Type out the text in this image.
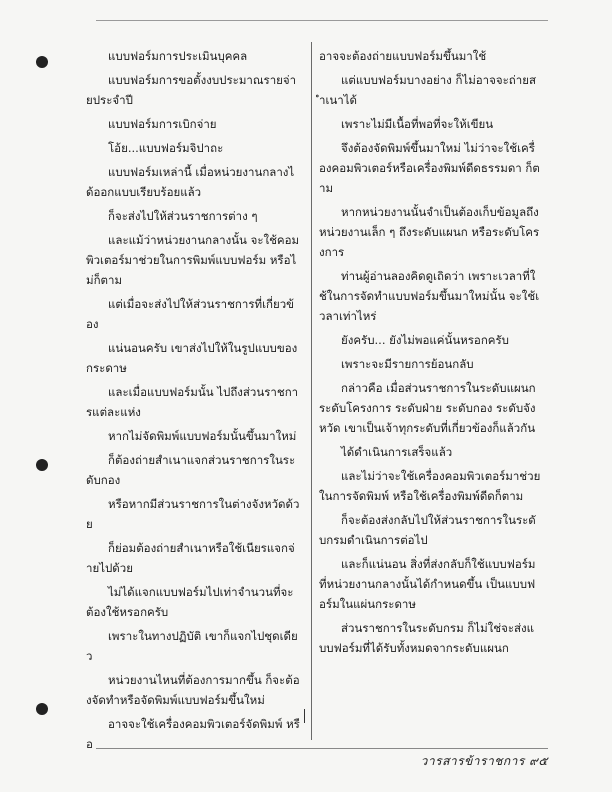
แบบฟอร์มการประเมินบุคคล

แบบฟอร์มการขอตั้งงบประมาณรายจ่ายประจำปี

แบบฟอร์มการเบิกจ่าย

โอ้ย...แบบฟอร์มจิปาถะ

แบบฟอร์มเหล่านี้ เมื่อหน่วยงานกลางได้ออกแบบเรียบร้อยแล้ว

ก็จะส่งไปให้ส่วนราชการต่าง ๆ

และแม้ว่าหน่วยงานกลางนั้น จะใช้คอมพิวเตอร์มาช่วยในการพิมพ์แบบฟอร์ม หรือไม่ก็ตาม

แต่เมื่อจะส่งไปให้ส่วนราชการที่เกี่ยวข้อง

แน่นอนครับ เขาส่งไปให้ในรูปแบบของกระดาษ

และเมื่อแบบฟอร์มนั้น ไปถึงส่วนราชการแต่ละแห่ง

หากไม่จัดพิมพ์แบบฟอร์มนั้นขึ้นมาใหม่

ก็ต้องถ่ายสำเนาแจกส่วนราชการในระดับกอง

หรือหากมีส่วนราชการในต่างจังหวัดด้วย

ก็ย่อมต้องถ่ายสำเนาหรือใช้เนียรแจกจ่ายไปด้วย

ไม่ได้แจกแบบฟอร์มไปเท่าจำนวนที่จะต้องใช้หรอกครับ

เพราะในทางปฏิบัติ เขาก็แจกไปชุดเดียว

หน่วยงานไหนที่ต้องการมากขึ้น ก็จะต้องจัดทำหรือจัดพิมพ์แบบฟอร์มขึ้นใหม่

อาจจะใช้เครื่องคอมพิวเตอร์จัดพิมพ์ หรือ

อาจจะต้องถ่ายแบบฟอร์มขึ้นมาใช้

แต่แบบฟอร์มบางอย่าง ก็ไม่อาจจะถ่ายสำเนาได้

เพราะไม่มีเนื้อที่พอที่จะให้เขียน

จึงต้องจัดพิมพ์ขึ้นมาใหม่ ไม่ว่าจะใช้เครื่องคอมพิวเตอร์หรือเครื่องพิมพ์ดีดธรรมดา ก็ตาม

หากหน่วยงานนั้นจำเป็นต้องเก็บข้อมูลถึงหน่วยงานเล็ก ๆ ถึงระดับแผนก หรือระดับโครงการ

ท่านผู้อ่านลองคิดดูเถิดว่า เพราะเวลาที่ใช้ในการจัดทำแบบฟอร์มขึ้นมาใหม่นั้น จะใช้เวลาเท่าไหร่

ยังครับ... ยังไม่พอแค่นั้นหรอกครับ

เพราะจะมีรายการย้อนกลับ

กล่าวคือ เมื่อส่วนราชการในระดับแผนก ระดับโครงการ ระดับฝ่าย ระดับกอง ระดับจังหวัด เขาเป็นเจ้าทุกระดับที่เกี่ยวข้องก็แล้วกัน

ได้ดำเนินการเสร็จแล้ว

และไม่ว่าจะใช้เครื่องคอมพิวเตอร์มาช่วยในการจัดพิมพ์ หรือใช้เครื่องพิมพ์ดีดก็ตาม

ก็จะต้องส่งกลับไปให้ส่วนราชการในระดับกรมดำเนินการต่อไป

และก็แน่นอน สิ่งที่ส่งกลับก็ใช้แบบฟอร์มที่หน่วยงานกลางนั้นได้กำหนดขึ้น เป็นแบบฟอร์มในแผ่นกระดาษ

ส่วนราชการในระดับกรม ก็ไม่ใช่จะส่งแบบฟอร์มที่ได้รับทั้งหมดจากระดับแผนก

วารสารข้าราชการ ๙๕
